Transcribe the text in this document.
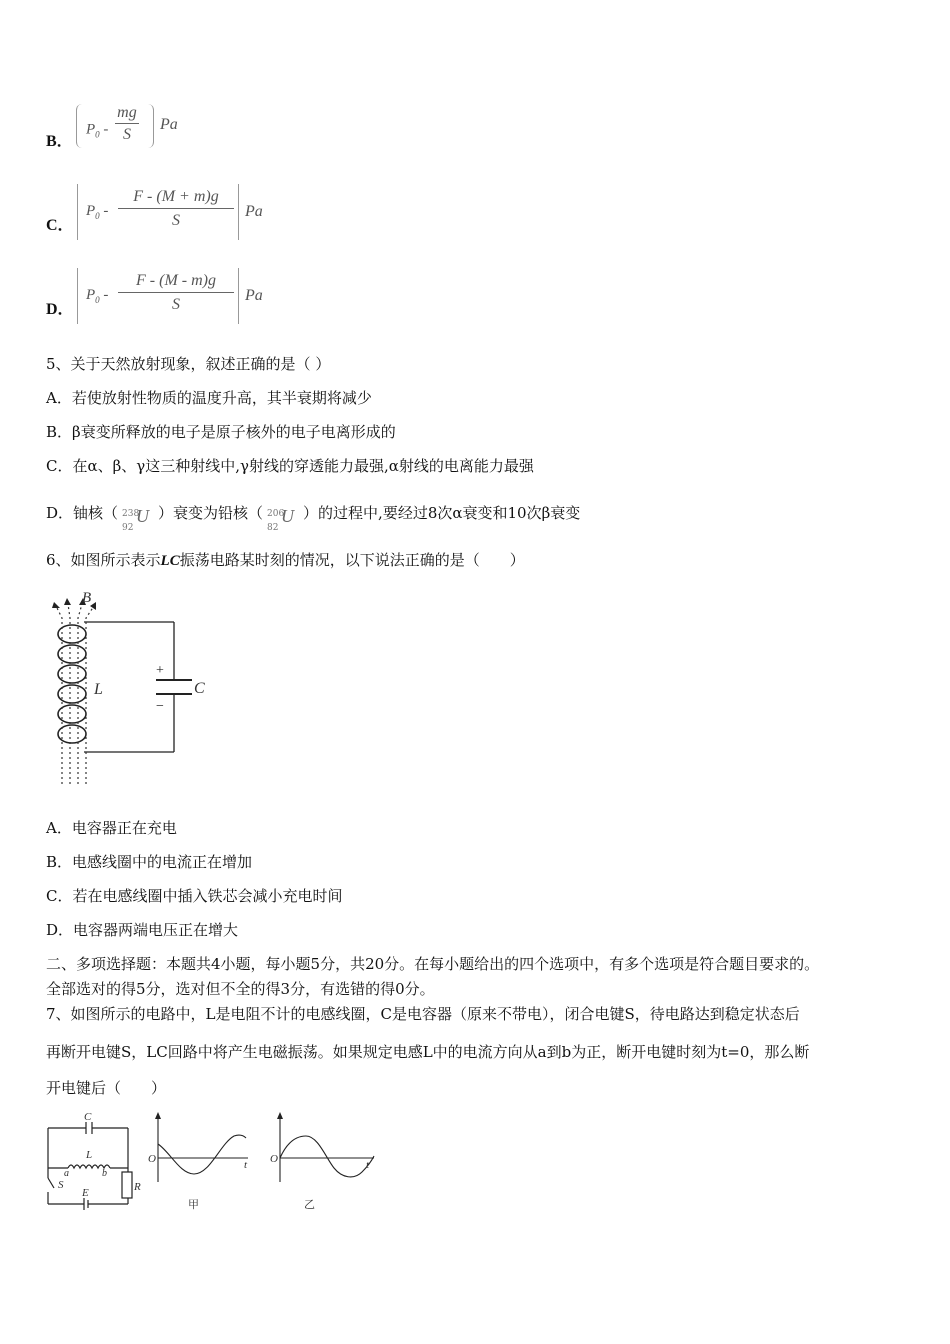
B．
$P_0 - \frac{mg}{S}$ Pa
C．
$P_0 - \frac{F - (M + m)g}{S}$ Pa
D．
$P_0 - \frac{F - (M - m)g}{S}$ Pa
5、关于天然放射现象，叙述正确的是（ ）
A．若使放射性物质的温度升高，其半衰期将减少
B．β衰变所释放的电子是原子核外的电子电离形成的
C．在α、β、γ这三种射线中,γ射线的穿透能力最强,α射线的电离能力最强
D．铀核（ 238
92
U ）衰变为铅核（ 206
82
U ）的过程中,要经过8次α衰变和10次β衰变
6、如图所示表示LC振荡电路某时刻的情况，以下说法正确的是（　　）
+
−
C
B
L
A．电容器正在充电
B．电感线圈中的电流正在增加
C．若在电感线圈中插入铁芯会减小充电时间
D．电容器两端电压正在增大
二、多项选择题：本题共4小题，每小题5分，共20分。在每小题给出的四个选项中，有多个选项是符合题目要求的。
全部选对的得5分，选对但不全的得3分，有选错的得0分。
7、如图所示的电路中，L是电阻不计的电感线圈，C是电容器（原来不带电），闭合电键S，待电路达到稳定状态后
再断开电键S，LC回路中将产生电磁振荡。如果规定电感L中的电流方向从a到b为正，断开电键时刻为t=0，那么断
开电键后（　　）
C
L
a	b
S
E	R
O	t
甲
O	t
乙
